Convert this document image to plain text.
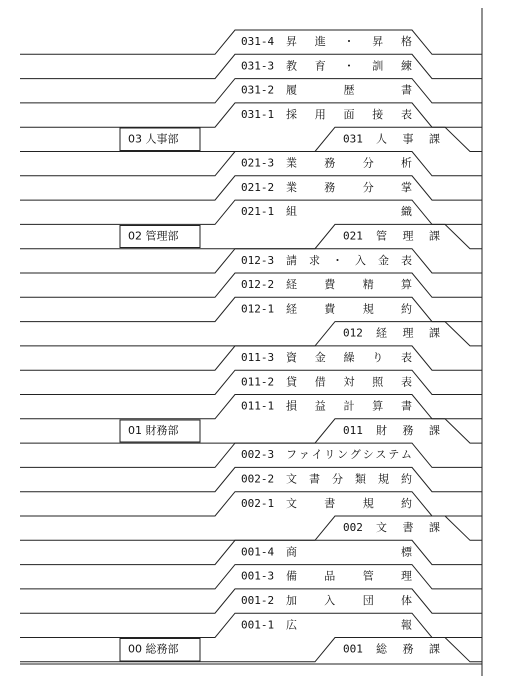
031-4 昇進・昇格
031-3 教育・訓練
031-2 履歴書
031-1 採用面接表
031 人事課
03 人事部
021-3 業務分析
021-2 業務分掌
021-1 組織
021 管理課
02 管理部
012-3 請求・入金表
012-2 経費精算
012-1 経費規約
012 経理課
011-3 資金繰り表
011-2 貸借対照表
011-1 損益計算書
011 財務課
01 財務部
002-3 ファイリングシステム
002-2 文書分類規約
002-1 文書規約
002 文書課
001-4 商標
001-3 備品管理
001-2 加入団体
001-1 広報
001 総務課
00 総務部
